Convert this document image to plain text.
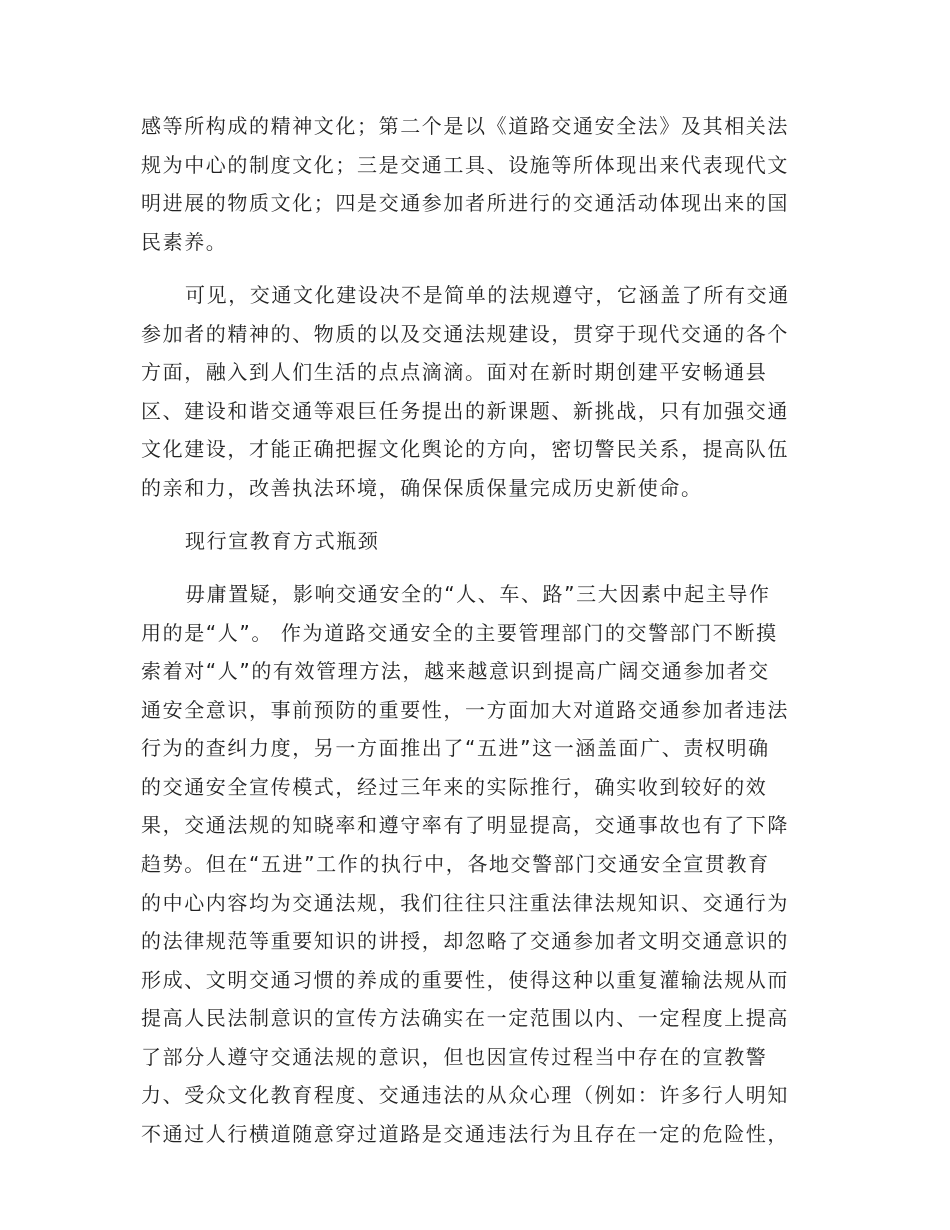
感等所构成的精神文化；第二个是以《道路交通安全法》及其相关法
规为中心的制度文化；三是交通工具、设施等所体现出来代表现代文
明进展的物质文化；四是交通参加者所进行的交通活动体现出来的国
民素养。
可见，交通文化建设决不是简单的法规遵守，它涵盖了所有交通
参加者的精神的、物质的以及交通法规建设，贯穿于现代交通的各个
方面，融入到人们生活的点点滴滴。面对在新时期创建平安畅通县
区、建设和谐交通等艰巨任务提出的新课题、新挑战，只有加强交通
文化建设，才能正确把握文化舆论的方向，密切警民关系，提高队伍
的亲和力，改善执法环境，确保保质保量完成历史新使命。
现行宣教育方式瓶颈
毋庸置疑，影响交通安全的“人、车、路”三大因素中起主导作
用的是“人”。 作为道路交通安全的主要管理部门的交警部门不断摸
索着对“人”的有效管理方法，越来越意识到提高广阔交通参加者交
通安全意识，事前预防的重要性，一方面加大对道路交通参加者违法
行为的查纠力度，另一方面推出了“五进”这一涵盖面广、责权明确
的交通安全宣传模式，经过三年来的实际推行，确实收到较好的效
果，交通法规的知晓率和遵守率有了明显提高，交通事故也有了下降
趋势。但在“五进”工作的执行中，各地交警部门交通安全宣贯教育
的中心内容均为交通法规，我们往往只注重法律法规知识、交通行为
的法律规范等重要知识的讲授，却忽略了交通参加者文明交通意识的
形成、文明交通习惯的养成的重要性，使得这种以重复灌输法规从而
提高人民法制意识的宣传方法确实在一定范围以内、一定程度上提高
了部分人遵守交通法规的意识，但也因宣传过程当中存在的宣教警
力、受众文化教育程度、交通违法的从众心理（例如：许多行人明知
不通过人行横道随意穿过道路是交通违法行为且存在一定的危险性，
